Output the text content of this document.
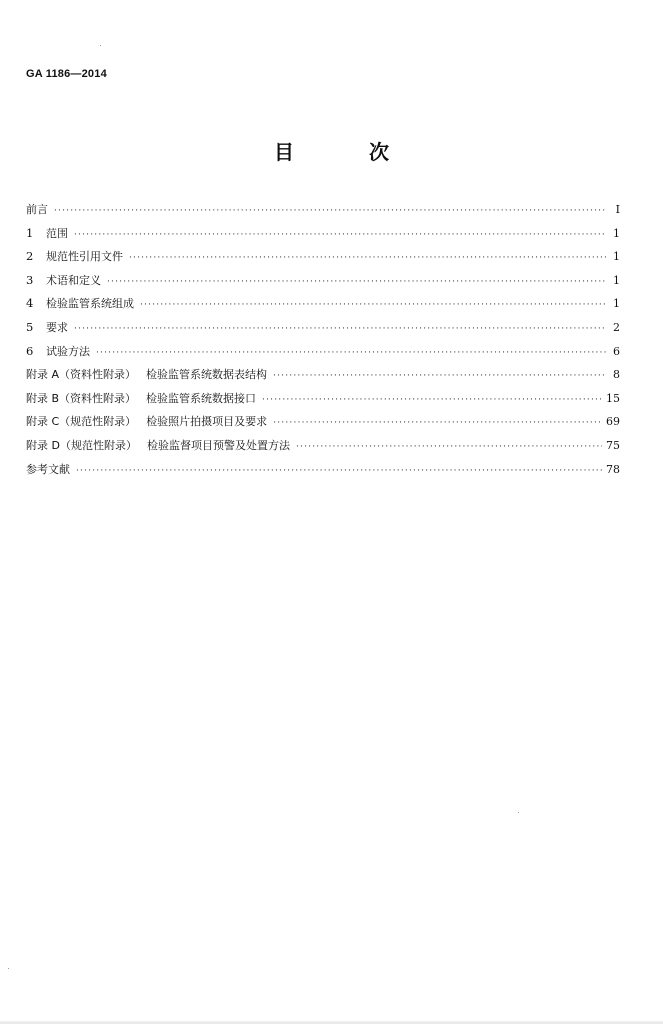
GA 1186—2014
目 次
前言 ·····	Ⅰ
1	范围 ·····	1
2	规范性引用文件 ·····	1
3	术语和定义 ·····	1
4	检验监管系统组成 ·····	1
5	要求 ·····	2
6	试验方法 ·····	6
附录 A（资料性附录） 检验监管系统数据表结构 ·····	8
附录 B（资料性附录） 检验监管系统数据接口 ·····	15
附录 C（规范性附录） 检验照片拍摄项目及要求 ·····	69
附录 D（规范性附录） 检验监督项目预警及处置方法 ·····	75
参考文献 ·····	78
